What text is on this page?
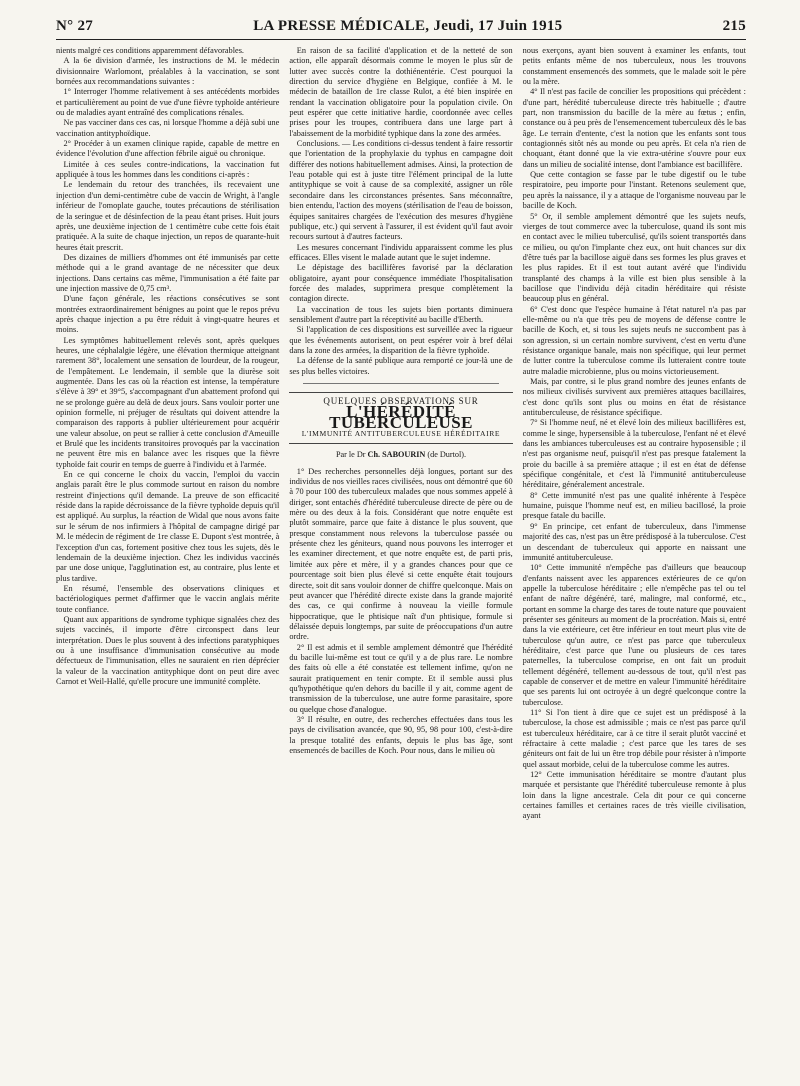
N° 27	LA PRESSE MÉDICALE, Jeudi, 17 Juin 1915	215

nients malgré ces conditions apparemment défavorables.

A la 6e division d'armée, les instructions de M. le médecin divisionnaire Warlomont, préalables à la vaccination, se sont bornées aux recommandations suivantes :

1° Interroger l'homme relativement à ses antécédents morbides et particulièrement au point de vue d'une fièvre typhoïde antérieure ou de maladies ayant entraîné des complications rénales.

Ne pas vacciner dans ces cas, ni lorsque l'homme a déjà subi une vaccination antityphoïdique.

2° Procéder à un examen clinique rapide, capable de mettre en évidence l'évolution d'une affection fébrile aiguë ou chronique.

Limitée à ces seules contre-indications, la vaccination fut appliquée à tous les hommes dans les conditions ci-après :

Le lendemain du retour des tranchées, ils recevaient une injection d'un demi-centimètre cube de vaccin de Wright, à l'angle inférieur de l'omoplate gauche, toutes précautions de stérilisation de la seringue et de désinfection de la peau étant prises. Huit jours après, une deuxième injection de 1 centimètre cube cette fois était pratiquée. A la suite de chaque injection, un repos de quarante-huit heures était prescrit.

Des dizaines de milliers d'hommes ont été immunisés par cette méthode qui a le grand avantage de ne nécessiter que deux injections. Dans certains cas même, l'immunisation a été faite par une injection massive de 0,75 cm³.

D'une façon générale, les réactions consécutives se sont montrées extraordinairement bénignes au point que le repos prévu après chaque injection a pu être réduit à vingt-quatre heures et moins.

Les symptômes habituellement relevés sont, après quelques heures, une céphalalgie légère, une élévation thermique atteignant rarement 38°, localement une sensation de lourdeur, de la rougeur, de l'empâtement. Le lendemain, il semble que la diurèse soit augmentée. Dans les cas où la réaction est intense, la température s'élève à 39° et 39°5, s'accompagnant d'un abattement profond qui ne se prolonge guère au delà de deux jours. Sans vouloir porter une opinion formelle, ni préjuger de résultats qui doivent attendre la comparaison des rapports à publier ultérieurement pour acquérir une valeur absolue, on peut se rallier à cette conclusion d'Ameuille et Brulé que les incidents transitoires provoqués par la vaccination ne peuvent être mis en balance avec les risques que la fièvre typhoïde fait courir en temps de guerre à l'individu et à l'armée.

En ce qui concerne le choix du vaccin, l'emploi du vaccin anglais paraît être le plus commode surtout en raison du nombre restreint d'injections qu'il demande. La preuve de son efficacité réside dans la rapide décroissance de la fièvre typhoïde depuis qu'il est appliqué. Au surplus, la réaction de Widal que nous avons faite sur le sérum de nos infirmiers à l'hôpital de campagne dirigé par M. le médecin de régiment de 1re classe E. Dupont s'est montrée, à l'exception d'un cas, fortement positive chez tous les sujets, dès le lendemain de la deuxième injection. Chez les individus vaccinés par une dose unique, l'agglutination est, au contraire, plus lente et plus tardive.

En résumé, l'ensemble des observations cliniques et bactériologiques permet d'affirmer que le vaccin anglais mérite toute confiance.

Quant aux apparitions de syndrome typhique signalées chez des sujets vaccinés, il importe d'être circonspect dans leur interprétation. Dues le plus souvent à des infections paratyphiques ou à une insuffisance d'immunisation consécutive au mode défectueux de l'immunisation, elles ne sauraient en rien déprécier la valeur de la vaccination antityphique dont on peut dire avec Carnot et Weil-Hallé, qu'elle procure une immunité complète.

En raison de sa facilité d'application et de la netteté de son action, elle apparaît désormais comme le moyen le plus sûr de lutter avec succès contre la dothiénentérie. C'est pourquoi la direction du service d'hygiène en Belgique, confiée à M. le médecin de bataillon de 1re classe Rulot, a été bien inspirée en rendant la vaccination obligatoire pour la population civile. On peut espérer que cette initiative hardie, coordonnée avec celles prises pour les troupes, contribuera dans une large part à l'abaissement de la morbidité typhique dans la zone des armées.

Conclusions. — Les conditions ci-dessus tendent à faire ressortir que l'orientation de la prophylaxie du typhus en campagne doit différer des notions habituellement admises. Ainsi, la protection de l'eau potable qui est à juste titre l'élément principal de la lutte antityphique se voit à cause de sa complexité, assigner un rôle secondaire dans les circonstances présentes. Sans méconnaître, bien entendu, l'action des moyens (stérilisation de l'eau de boisson, équipes sanitaires chargées de l'exécution des mesures d'hygiène publique, etc.) qui servent à l'assurer, il est évident qu'il faut avoir recours surtout à d'autres facteurs.

Les mesures concernant l'individu apparaissent comme les plus efficaces. Elles visent le malade autant que le sujet indemne.

Le dépistage des bacillifères favorisé par la déclaration obligatoire, ayant pour conséquence immédiate l'hospitalisation forcée des malades, supprimera presque complètement la contagion directe.

La vaccination de tous les sujets bien portants diminuera sensiblement d'autre part la réceptivité au bacille d'Eberth.

Si l'application de ces dispositions est surveillée avec la rigueur que les événements autorisent, on peut espérer voir à bref délai dans la zone des armées, la disparition de la fièvre typhoïde.

La défense de la santé publique aura remporté ce jour-là une de ses plus belles victoires.

QUELQUES OBSERVATIONS SUR
L'HÉRÉDITÉ TUBERCULEUSE
L'IMMUNITÉ ANTITUBERCULEUSE HÉRÉDITAIRE
Par le Dr Ch. SABOURIN (de Durtol).

1° Des recherches personnelles déjà longues, portant sur des individus de nos vieilles races civilisées, nous ont démontré que 60 à 70 pour 100 des tuberculeux malades que nous sommes appelé à diriger, sont entachés d'hérédité tuberculeuse directe de père ou de mère ou des deux à la fois. Considérant que notre enquête est plutôt sommaire, parce que faite à distance le plus souvent, que presque constamment nous relevons la tuberculose passée ou présente chez les géniteurs, quand nous pouvons les interroger et les examiner directement, et que notre enquête est, de parti pris, limitée aux père et mère, il y a grandes chances pour que ce pourcentage soit bien plus élevé si cette enquête était toujours directe, soit dit sans vouloir donner de chiffre quelconque. Mais on peut avancer que l'hérédité directe existe dans la grande majorité des cas, ce qui confirme à nouveau la vieille formule hippocratique, que le phtisique naît d'un phtisique, formule si délaissée depuis longtemps, par suite de préoccupations d'un autre ordre.

2° Il est admis et il semble amplement démontré que l'hérédité du bacille lui-même est tout ce qu'il y a de plus rare. Le nombre des faits où elle a été constatée est tellement infime, qu'on ne saurait pratiquement en tenir compte. Et il semble aussi plus qu'hypothétique qu'en dehors du bacille il y ait, comme agent de transmission de la tuberculose, une autre forme parasitaire, spore ou quelque chose d'analogue.

3° Il résulte, en outre, des recherches effectuées dans tous les pays de civilisation avancée, que 90, 95, 98 pour 100, c'est-à-dire la presque totalité des enfants, depuis le plus bas âge, sont ensemencés de bacilles de Koch. Pour nous, dans le milieu où

nous exerçons, ayant bien souvent à examiner les enfants, tout petits enfants même de nos tuberculeux, nous les trouvons constamment ensemencés des sommets, que le malade soit le père ou la mère.

4° Il n'est pas facile de concilier les propositions qui précèdent : d'une part, hérédité tuberculeuse directe très habituelle ; d'autre part, non transmission du bacille de la mère au fœtus ; enfin, constance ou à peu près de l'ensemencement tuberculeux dès le bas âge. Le terrain d'entente, c'est la notion que les enfants sont tous contagionnés sitôt nés au monde ou peu après. Et cela n'a rien de choquant, étant donné que la vie extra-utérine s'ouvre pour eux dans un milieu de socialité intense, dont l'ambiance est bacillifère.

Que cette contagion se fasse par le tube digestif ou le tube respiratoire, peu importe pour l'instant. Retenons seulement que, peu après la naissance, il y a attaque de l'organisme nouveau par le bacille de Koch.

5° Or, il semble amplement démontré que les sujets neufs, vierges de tout commerce avec la tuberculose, quand ils sont mis en contact avec le milieu tuberculisé, qu'ils soient transportés dans ce milieu, ou qu'on l'implante chez eux, ont huit chances sur dix d'être tués par la bacillose aiguë dans ses formes les plus graves et les plus rapides. Et il est tout autant avéré que l'individu transplanté des champs à la ville est bien plus sensible à la bacillose que l'individu déjà citadin héréditaire qui résiste beaucoup plus en général.

6° C'est donc que l'espèce humaine à l'état naturel n'a pas par elle-même ou n'a que très peu de moyens de défense contre le bacille de Koch, et, si tous les sujets neufs ne succombent pas à son agression, si un certain nombre survivent, c'est en vertu d'une résistance organique banale, mais non spécifique, qui leur permet de lutter contre la tuberculose comme ils lutteraient contre toute autre maladie microbienne, plus ou moins victorieusement.

Mais, par contre, si le plus grand nombre des jeunes enfants de nos milieux civilisés survivent aux premières attaques bacillaires, c'est donc qu'ils sont plus ou moins en état de résistance antituberculeuse, de résistance spécifique.

7° Si l'homme neuf, né et élevé loin des milieux bacillifères est, comme le singe, hypersensible à la tuberculose, l'enfant né et élevé dans les ambiances tuberculeuses est au contraire hyposensible ; il n'est pas organisme neuf, puisqu'il n'est pas presque fatalement la proie du bacille à sa première attaque ; il est en état de défense spécifique congénitale, et c'est là l'immunité antituberculeuse héréditaire, généralement ancestrale.

8° Cette immunité n'est pas une qualité inhérente à l'espèce humaine, puisque l'homme neuf est, en milieu bacillosé, la proie presque fatale du bacille.

9° En principe, cet enfant de tuberculeux, dans l'immense majorité des cas, n'est pas un être prédisposé à la tuberculose. C'est un descendant de tuberculeux qui apporte en naissant une immunité antituberculeuse.

10° Cette immunité n'empêche pas d'ailleurs que beaucoup d'enfants naissent avec les apparences extérieures de ce qu'on appelle la tuberculose héréditaire ; elle n'empêche pas tel ou tel enfant de naître dégénéré, taré, malingre, mal conformé, etc., portant en somme la charge des tares de toute nature que pouvaient présenter ses géniteurs au moment de la procréation. Mais si, entré dans la vie extérieure, cet être inférieur en tout meurt plus vite de tuberculose qu'un autre, ce n'est pas parce que tuberculeux héréditaire, c'est parce que l'une ou plusieurs de ces tares paternelles, la tuberculose comprise, en ont fait un produit tellement dégénéré, tellement au-dessous de tout, qu'il n'est pas capable de conserver et de mettre en valeur l'immunité héréditaire que ses parents lui ont octroyée à un degré quelconque contre la tuberculose.

11° Si l'on tient à dire que ce sujet est un prédisposé à la tuberculose, la chose est admissible ; mais ce n'est pas parce qu'il est tuberculeux héréditaire, car à ce titre il serait plutôt vacciné et réfractaire à cette maladie ; c'est parce que les tares de ses géniteurs ont fait de lui un être trop débile pour résister à n'importe quel assaut morbide, celui de la tuberculose comme les autres.

12° Cette immunisation héréditaire se montre d'autant plus marquée et persistante que l'hérédité tuberculeuse remonte à plus loin dans la ligne ancestrale. Cela dit pour ce qui concerne certaines familles et certaines races de très vieille civilisation, ayant
